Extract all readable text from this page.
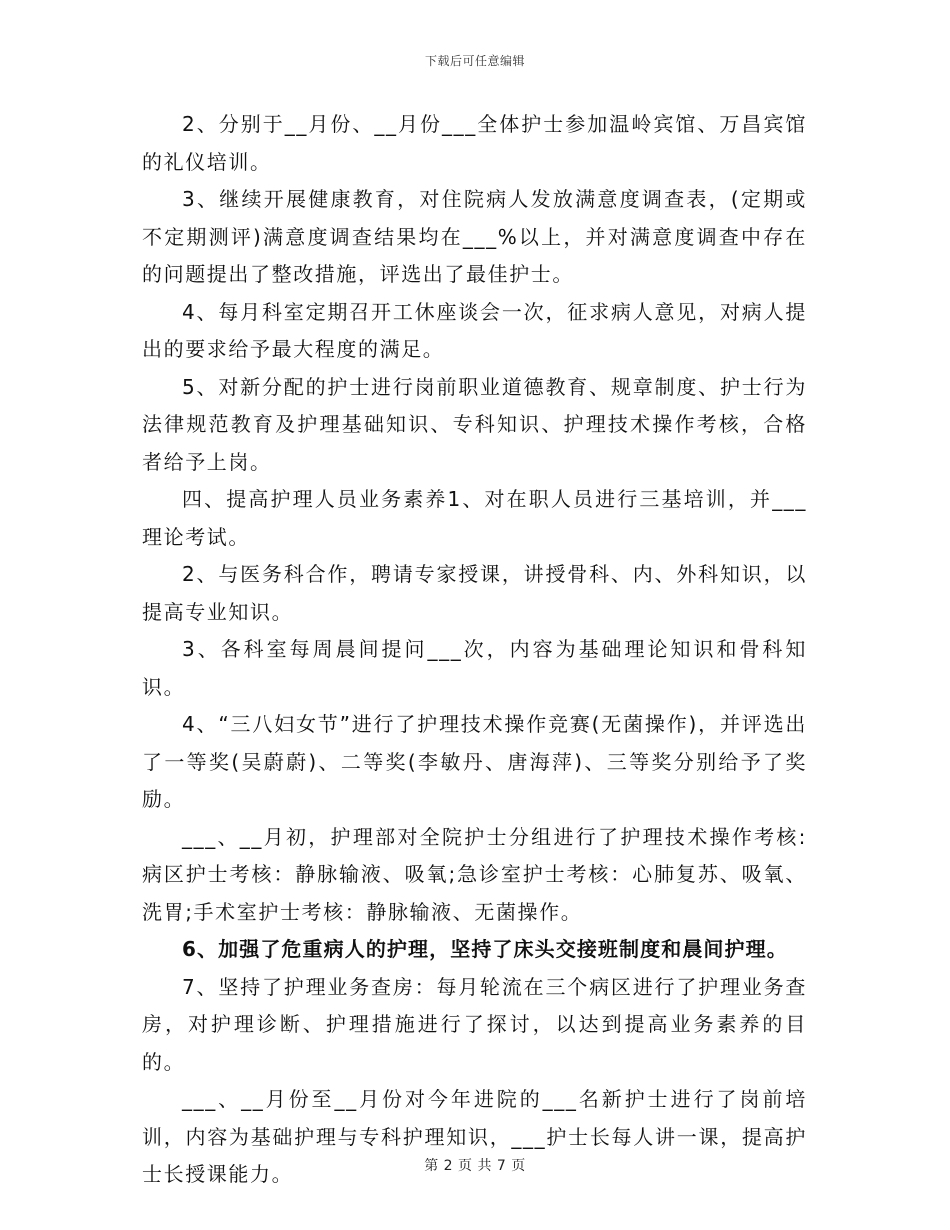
下载后可任意编辑

2、分别于__月份、__月份___全体护士参加温岭宾馆、万昌宾馆的礼仪培训。

3、继续开展健康教育，对住院病人发放满意度调查表，(定期或不定期测评)满意度调查结果均在___%以上，并对满意度调查中存在的问题提出了整改措施，评选出了最佳护士。

4、每月科室定期召开工休座谈会一次，征求病人意见，对病人提出的要求给予最大程度的满足。

5、对新分配的护士进行岗前职业道德教育、规章制度、护士行为法律规范教育及护理基础知识、专科知识、护理技术操作考核，合格者给予上岗。

四、提高护理人员业务素养1、对在职人员进行三基培训，并___理论考试。

2、与医务科合作，聘请专家授课，讲授骨科、内、外科知识，以提高专业知识。

3、各科室每周晨间提问___次，内容为基础理论知识和骨科知识。

4、“三八妇女节”进行了护理技术操作竞赛(无菌操作)，并评选出了一等奖(吴蔚蔚)、二等奖(李敏丹、唐海萍)、三等奖分别给予了奖励。

___、__月初，护理部对全院护士分组进行了护理技术操作考核:病区护士考核：静脉输液、吸氧;急诊室护士考核：心肺复苏、吸氧、洗胃;手术室护士考核：静脉输液、无菌操作。

6、加强了危重病人的护理，坚持了床头交接班制度和晨间护理。

7、坚持了护理业务查房：每月轮流在三个病区进行了护理业务查房，对护理诊断、护理措施进行了探讨，以达到提高业务素养的目的。

___、__月份至__月份对今年进院的___名新护士进行了岗前培训，内容为基础护理与专科护理知识，___护士长每人讲一课，提高护士长授课能力。	第 2 页 共 7 页
